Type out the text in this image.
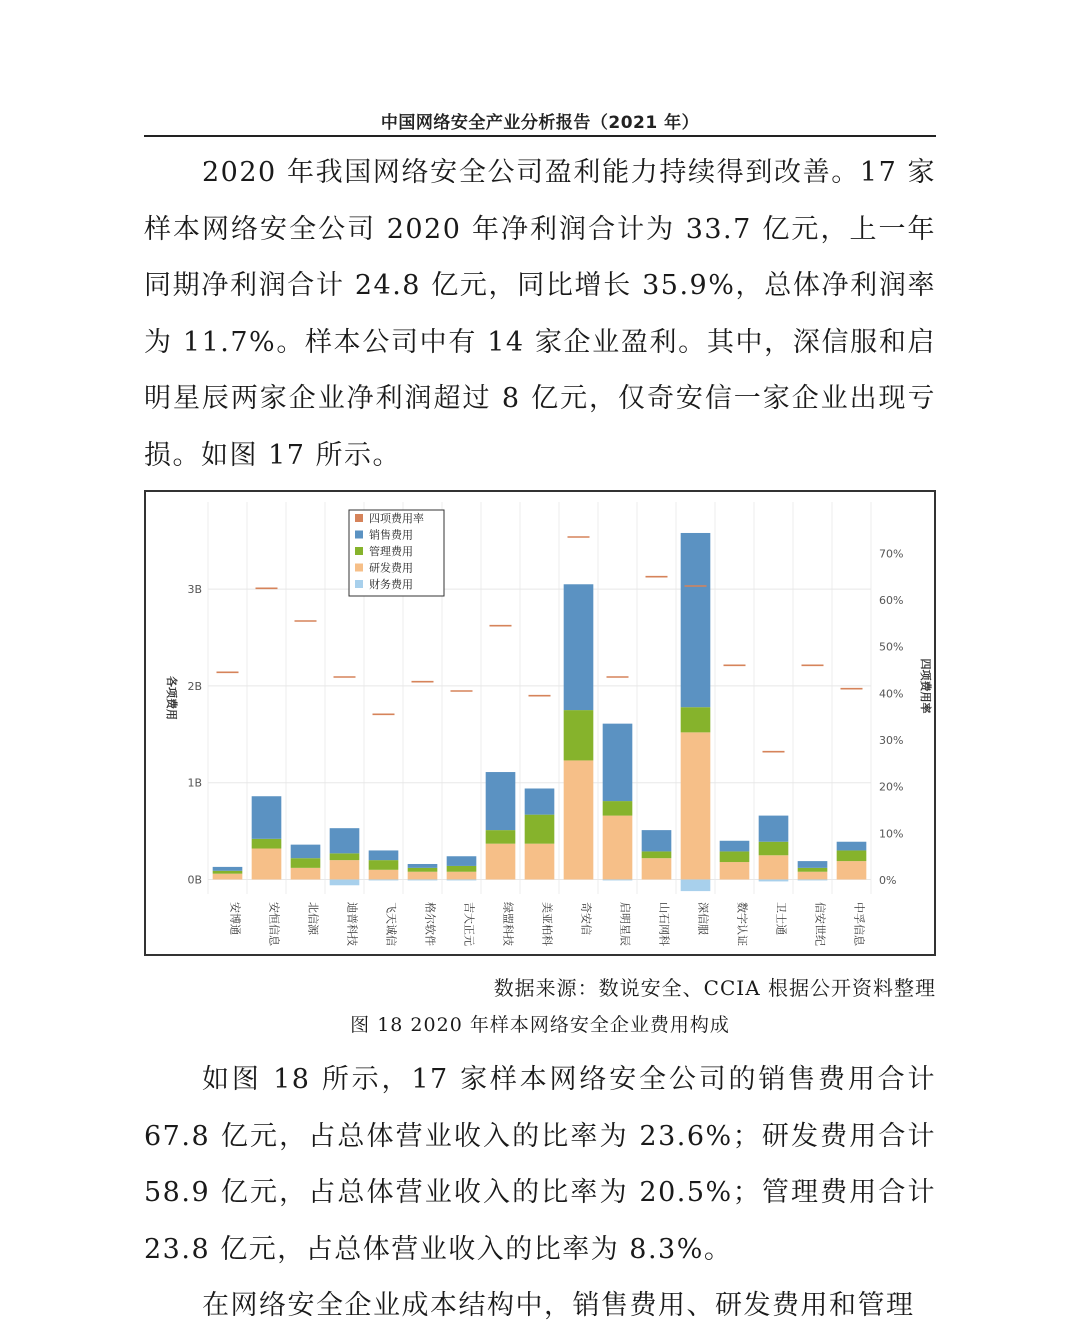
中国网络安全产业分析报告（2021 年）

2020 年我国网络安全公司盈利能力持续得到改善。17 家样本网络安全公司 2020 年净利润合计为 33.7 亿元，上一年同期净利润合计 24.8 亿元，同比增长 35.9%，总体净利润率为 11.7%。样本公司中有 14 家企业盈利。其中，深信服和启明星辰两家企业净利润超过 8 亿元，仅奇安信一家企业出现亏损。如图 17 所示。

0B
1B
2B
3B
0%
10%
20%
30%
40%
50%
60%
70%
各项费用	四项费用率
安博通 安恒信息 北信源 迪普科技 飞天诚信 格尔软件 吉大正元 绿盟科技 美亚柏科 奇安信 启明星辰 山石网科 深信服 数字认证 卫士通 信安世纪 中孚信息
四项费用率
销售费用
管理费用
研发费用
财务费用
数据来源：数说安全、CCIA 根据公开资料整理
图 18 2020 年样本网络安全企业费用构成

如图 18 所示，17 家样本网络安全公司的销售费用合计 67.8 亿元，占总体营业收入的比率为 23.6%；研发费用合计 58.9 亿元，占总体营业收入的比率为 20.5%；管理费用合计 23.8 亿元，占总体营业收入的比率为 8.3%。

在网络安全企业成本结构中，销售费用、研发费用和管理
